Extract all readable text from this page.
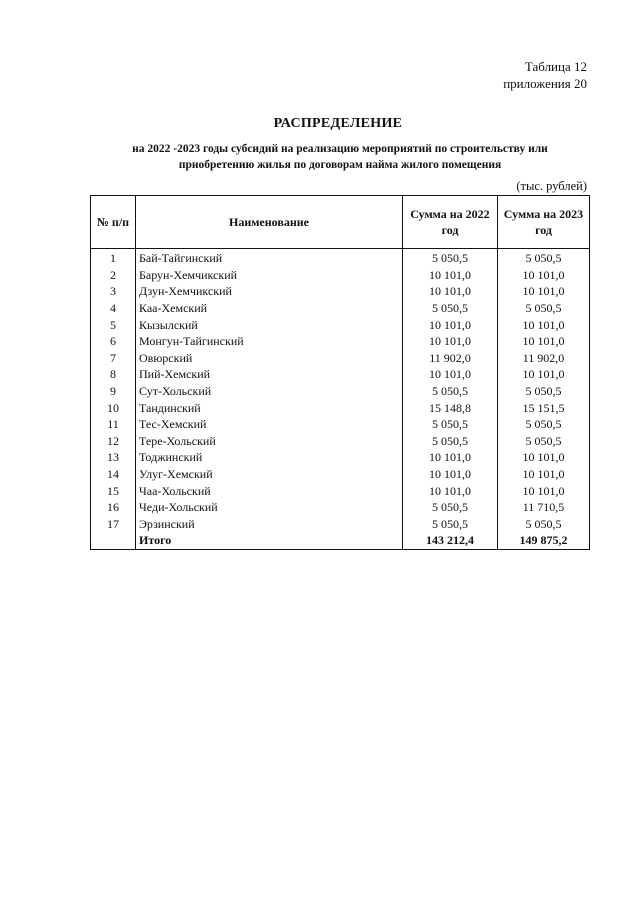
Таблица 12
приложения 20
РАСПРЕДЕЛЕНИЕ
на 2022 -2023 годы субсидий на реализацию мероприятий по строительству или
приобретению жилья по договорам найма жилого помещения
(тыс. рублей)
№ п/п	Наименование	Сумма на 2022 год	Сумма на 2023 год
1	Бай-Тайгинский	5 050,5	5 050,5
2	Барун-Хемчикский	10 101,0	10 101,0
3	Дзун-Хемчикский	10 101,0	10 101,0
4	Каа-Хемский	5 050,5	5 050,5
5	Кызылский	10 101,0	10 101,0
6	Монгун-Тайгинский	10 101,0	10 101,0
7	Овюрский	11 902,0	11 902,0
8	Пий-Хемский	10 101,0	10 101,0
9	Сут-Хольский	5 050,5	5 050,5
10	Тандинский	15 148,8	15 151,5
11	Тес-Хемский	5 050,5	5 050,5
12	Тере-Хольский	5 050,5	5 050,5
13	Тоджинский	10 101,0	10 101,0
14	Улуг-Хемский	10 101,0	10 101,0
15	Чаа-Хольский	10 101,0	10 101,0
16	Чеди-Хольский	5 050,5	11 710,5
17	Эрзинский	5 050,5	5 050,5
	Итого	143 212,4	149 875,2
